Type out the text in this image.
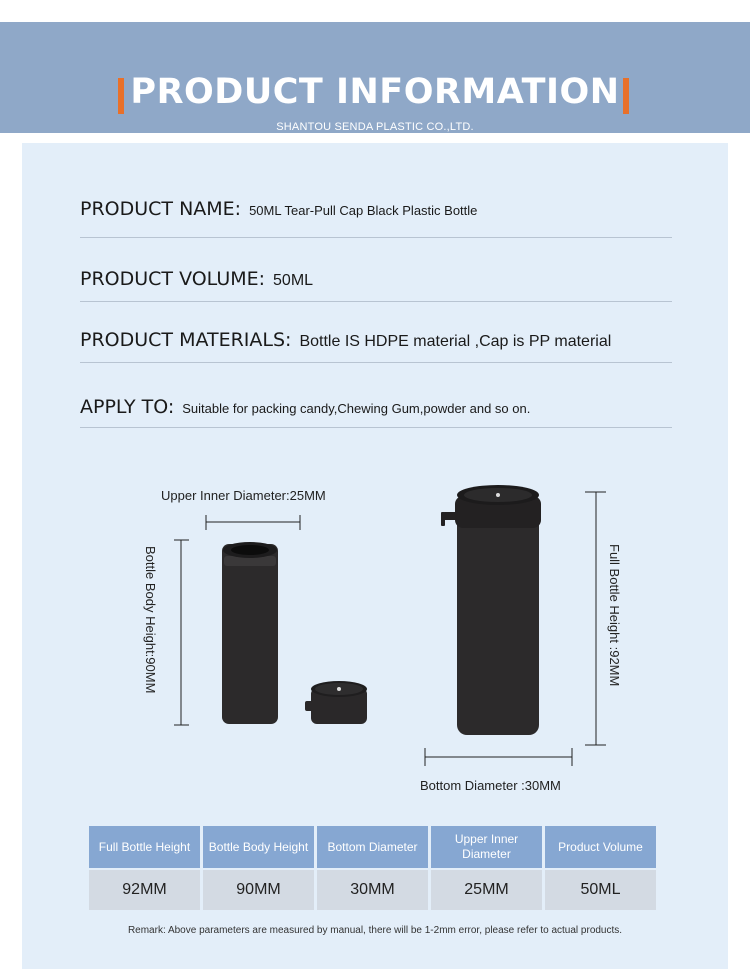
PRODUCT INFORMATION
SHANTOU SENDA PLASTIC CO.,LTD.
PRODUCT NAME: 50ML Tear-Pull Cap Black Plastic Bottle
PRODUCT VOLUME: 50ML
PRODUCT MATERIALS: Bottle IS HDPE material ,Cap is PP material
APPLY TO: Suitable for packing candy,Chewing Gum,powder and so on.
Upper Inner Diameter:25MM
Bottle Body Height:90MM	Full Bottle Height :92MM
Bottom Diameter :30MM
Full Bottle Height	Bottle Body Height	Bottom Diameter	Upper Inner Diameter	Product Volume
92MM	90MM	30MM	25MM	50ML
Remark: Above parameters are measured by manual, there will be 1-2mm error, please refer to actual products.
